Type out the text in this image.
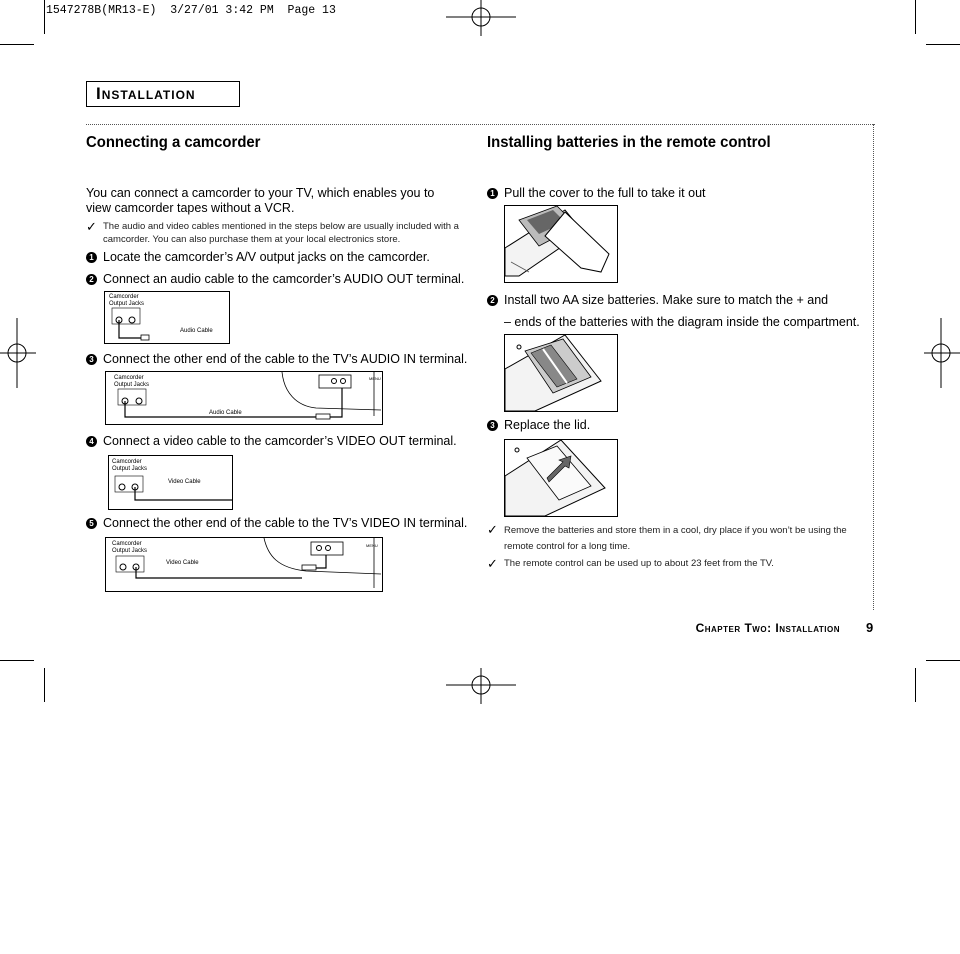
1547278B(MR13-E)  3/27/01 3:42 PM  Page 13
Installation
Connecting a camcorder
You can connect a camcorder to your TV, which enables you to view camcorder tapes without a VCR.
✓ The audio and video cables mentioned in the steps below are usually included with a camcorder. You can also purchase them at your local electronics store.
1 Locate the camcorder’s A/V output jacks on the camcorder.
2 Connect an audio cable to the camcorder’s AUDIO OUT terminal.
Camcorder Output Jacks
Audio Cable
3 Connect the other end of the cable to the TV’s AUDIO IN terminal.
Camcorder Output Jacks
Audio Cable
MENU
4 Connect a video cable to the camcorder’s VIDEO OUT terminal.
Camcorder Output Jacks
Video Cable
5 Connect the other end of the cable to the TV’s VIDEO IN terminal.
Camcorder Output Jacks
Video Cable
MENU
Installing batteries in the remote control
1 Pull the cover to the full to take it out
2 Install two AA size batteries. Make sure to match the + and
– ends of the batteries with the diagram inside the compartment.
3 Replace the lid.
✓ Remove the batteries and store them in a cool, dry place if you won’t be using the remote control for a long time.
✓ The remote control can be used up to about 23 feet from the TV.
Chapter Two: Installation 9
